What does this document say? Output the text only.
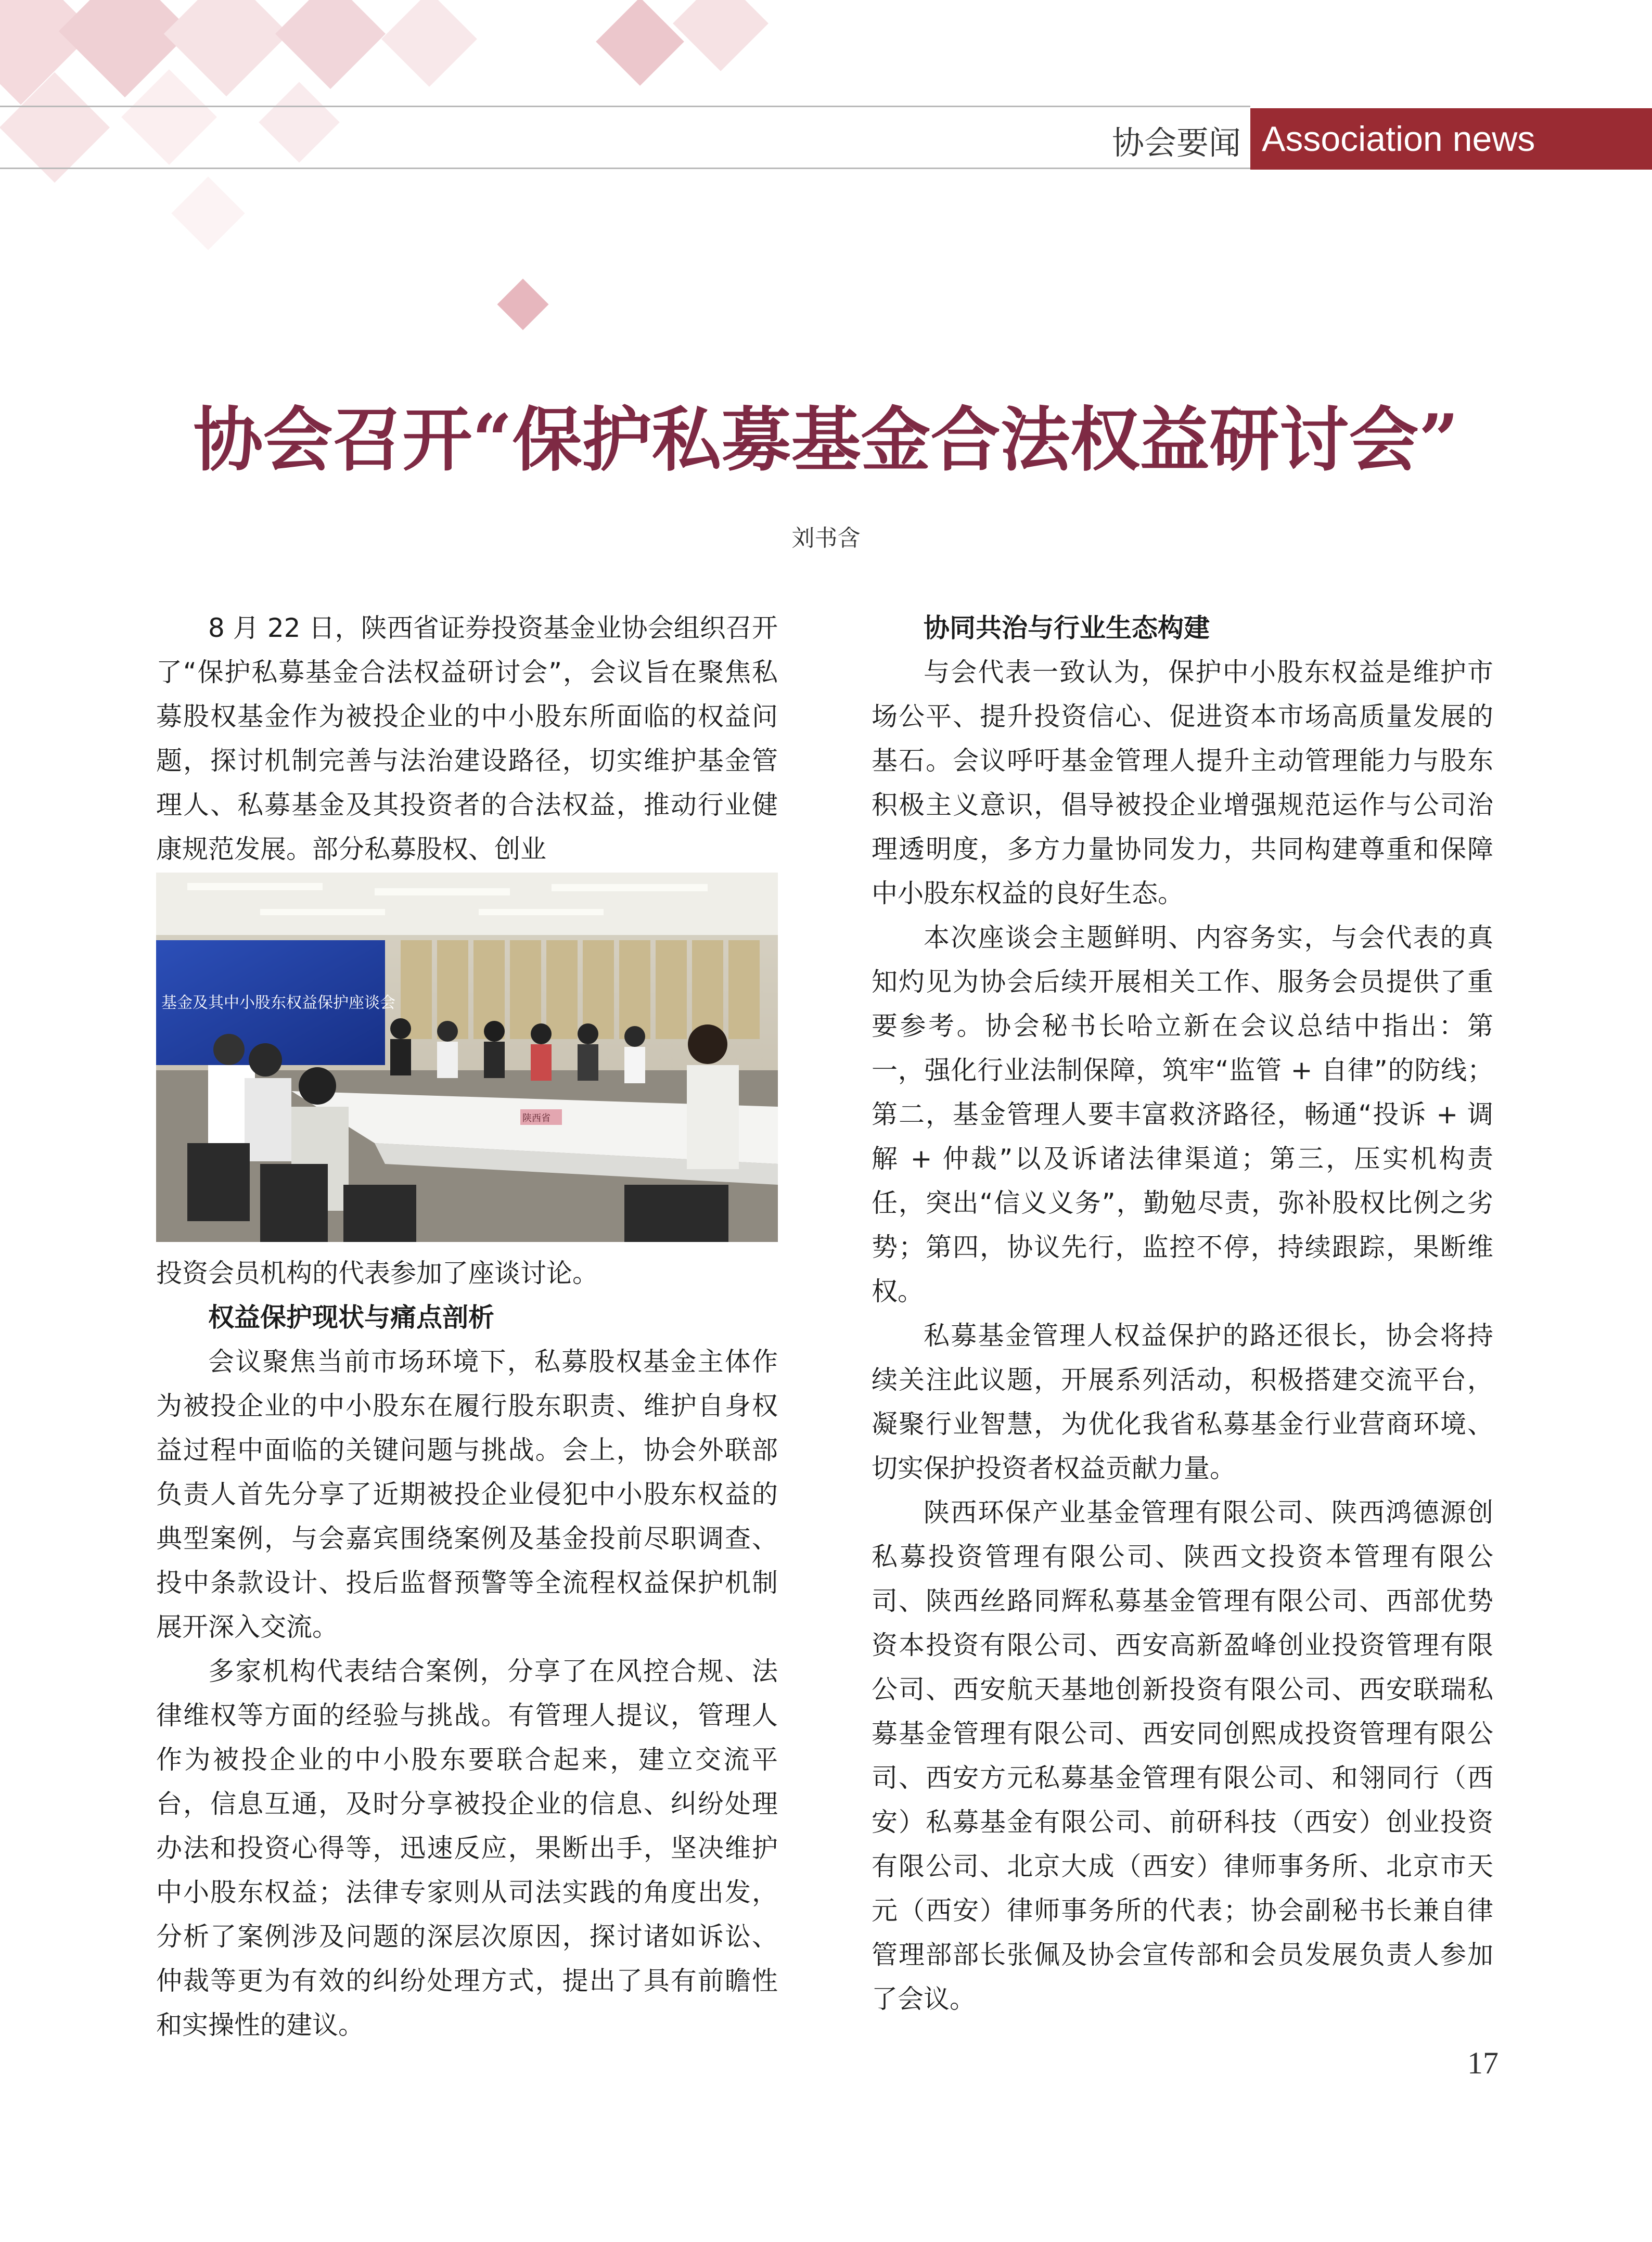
协会要闻 Association news
协会召开“保护私募基金合法权益研讨会”
刘书含

8 月 22 日，陕西省证券投资基金业协会组织召开了“保护私募基金合法权益研讨会”，会议旨在聚焦私募股权基金作为被投企业的中小股东所面临的权益问题，探讨机制完善与法治建设路径，切实维护基金管理人、私募基金及其投资者的合法权益，推动行业健康规范发展。部分私募股权、创业

基金及其中小股东权益保护座谈会
陕西省

投资会员机构的代表参加了座谈讨论。

权益保护现状与痛点剖析

会议聚焦当前市场环境下，私募股权基金主体作为被投企业的中小股东在履行股东职责、维护自身权益过程中面临的关键问题与挑战。会上，协会外联部负责人首先分享了近期被投企业侵犯中小股东权益的典型案例，与会嘉宾围绕案例及基金投前尽职调查、投中条款设计、投后监督预警等全流程权益保护机制展开深入交流。

多家机构代表结合案例，分享了在风控合规、法律维权等方面的经验与挑战。有管理人提议，管理人作为被投企业的中小股东要联合起来，建立交流平台，信息互通，及时分享被投企业的信息、纠纷处理办法和投资心得等，迅速反应，果断出手，坚决维护中小股东权益；法律专家则从司法实践的角度出发，分析了案例涉及问题的深层次原因，探讨诸如诉讼、仲裁等更为有效的纠纷处理方式，提出了具有前瞻性和实操性的建议。

协同共治与行业生态构建

与会代表一致认为，保护中小股东权益是维护市场公平、提升投资信心、促进资本市场高质量发展的基石。会议呼吁基金管理人提升主动管理能力与股东积极主义意识，倡导被投企业增强规范运作与公司治理透明度，多方力量协同发力，共同构建尊重和保障中小股东权益的良好生态。

本次座谈会主题鲜明、内容务实，与会代表的真知灼见为协会后续开展相关工作、服务会员提供了重要参考。协会秘书长哈立新在会议总结中指出：第一，强化行业法制保障，筑牢“监管 + 自律”的防线；第二，基金管理人要丰富救济路径，畅通“投诉 + 调解 + 仲裁”以及诉诸法律渠道；第三，压实机构责任，突出“信义义务”，勤勉尽责，弥补股权比例之劣势；第四，协议先行，监控不停，持续跟踪，果断维权。

私募基金管理人权益保护的路还很长，协会将持续关注此议题，开展系列活动，积极搭建交流平台，凝聚行业智慧，为优化我省私募基金行业营商环境、切实保护投资者权益贡献力量。

陕西环保产业基金管理有限公司、陕西鸿德源创私募投资管理有限公司、陕西文投资本管理有限公司、陕西丝路同辉私募基金管理有限公司、西部优势资本投资有限公司、西安高新盈峰创业投资管理有限公司、西安航天基地创新投资有限公司、西安联瑞私募基金管理有限公司、西安同创熙成投资管理有限公司、西安方元私募基金管理有限公司、和翎同行（西安）私募基金有限公司、前研科技（西安）创业投资有限公司、北京大成（西安）律师事务所、北京市天元（西安）律师事务所的代表；协会副秘书长兼自律管理部部长张佩及协会宣传部和会员发展负责人参加了会议。

17
